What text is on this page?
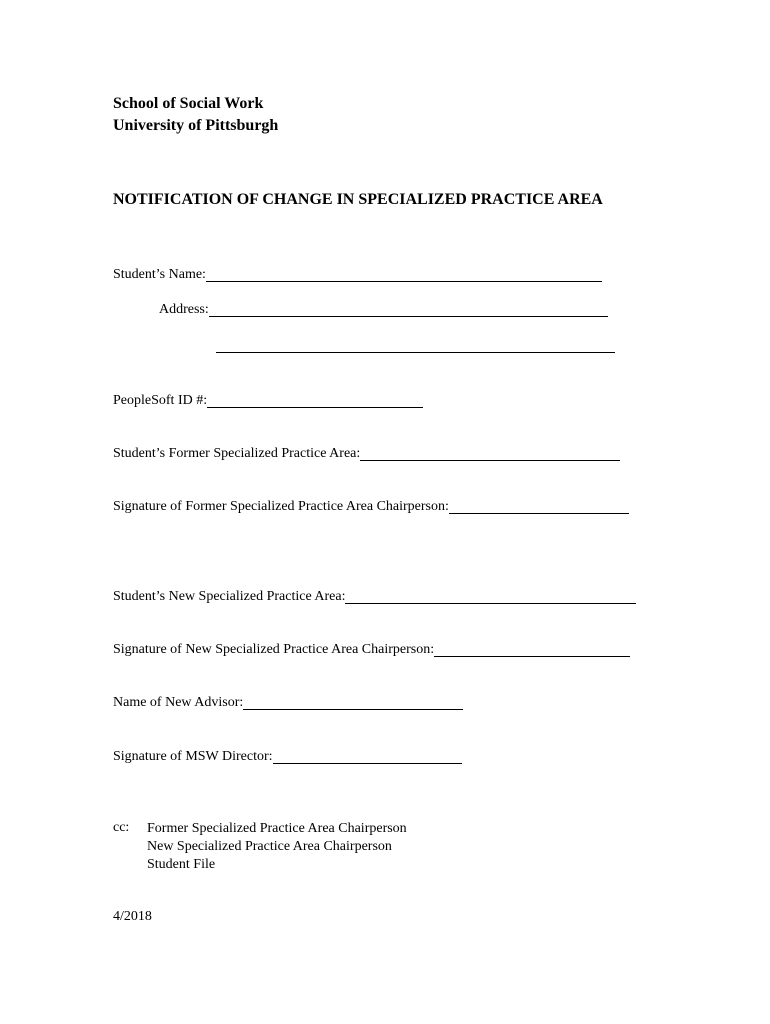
School of Social Work
University of Pittsburgh
NOTIFICATION OF CHANGE IN SPECIALIZED PRACTICE AREA
Student’s Name:
Address:
PeopleSoft ID #:
Student’s Former Specialized Practice Area:
Signature of Former Specialized Practice Area Chairperson:
Student’s New Specialized Practice Area:
Signature of New Specialized Practice Area Chairperson:
Name of New Advisor:
Signature of MSW Director:
cc: Former Specialized Practice Area Chairperson
New Specialized Practice Area Chairperson
Student File
4/2018
